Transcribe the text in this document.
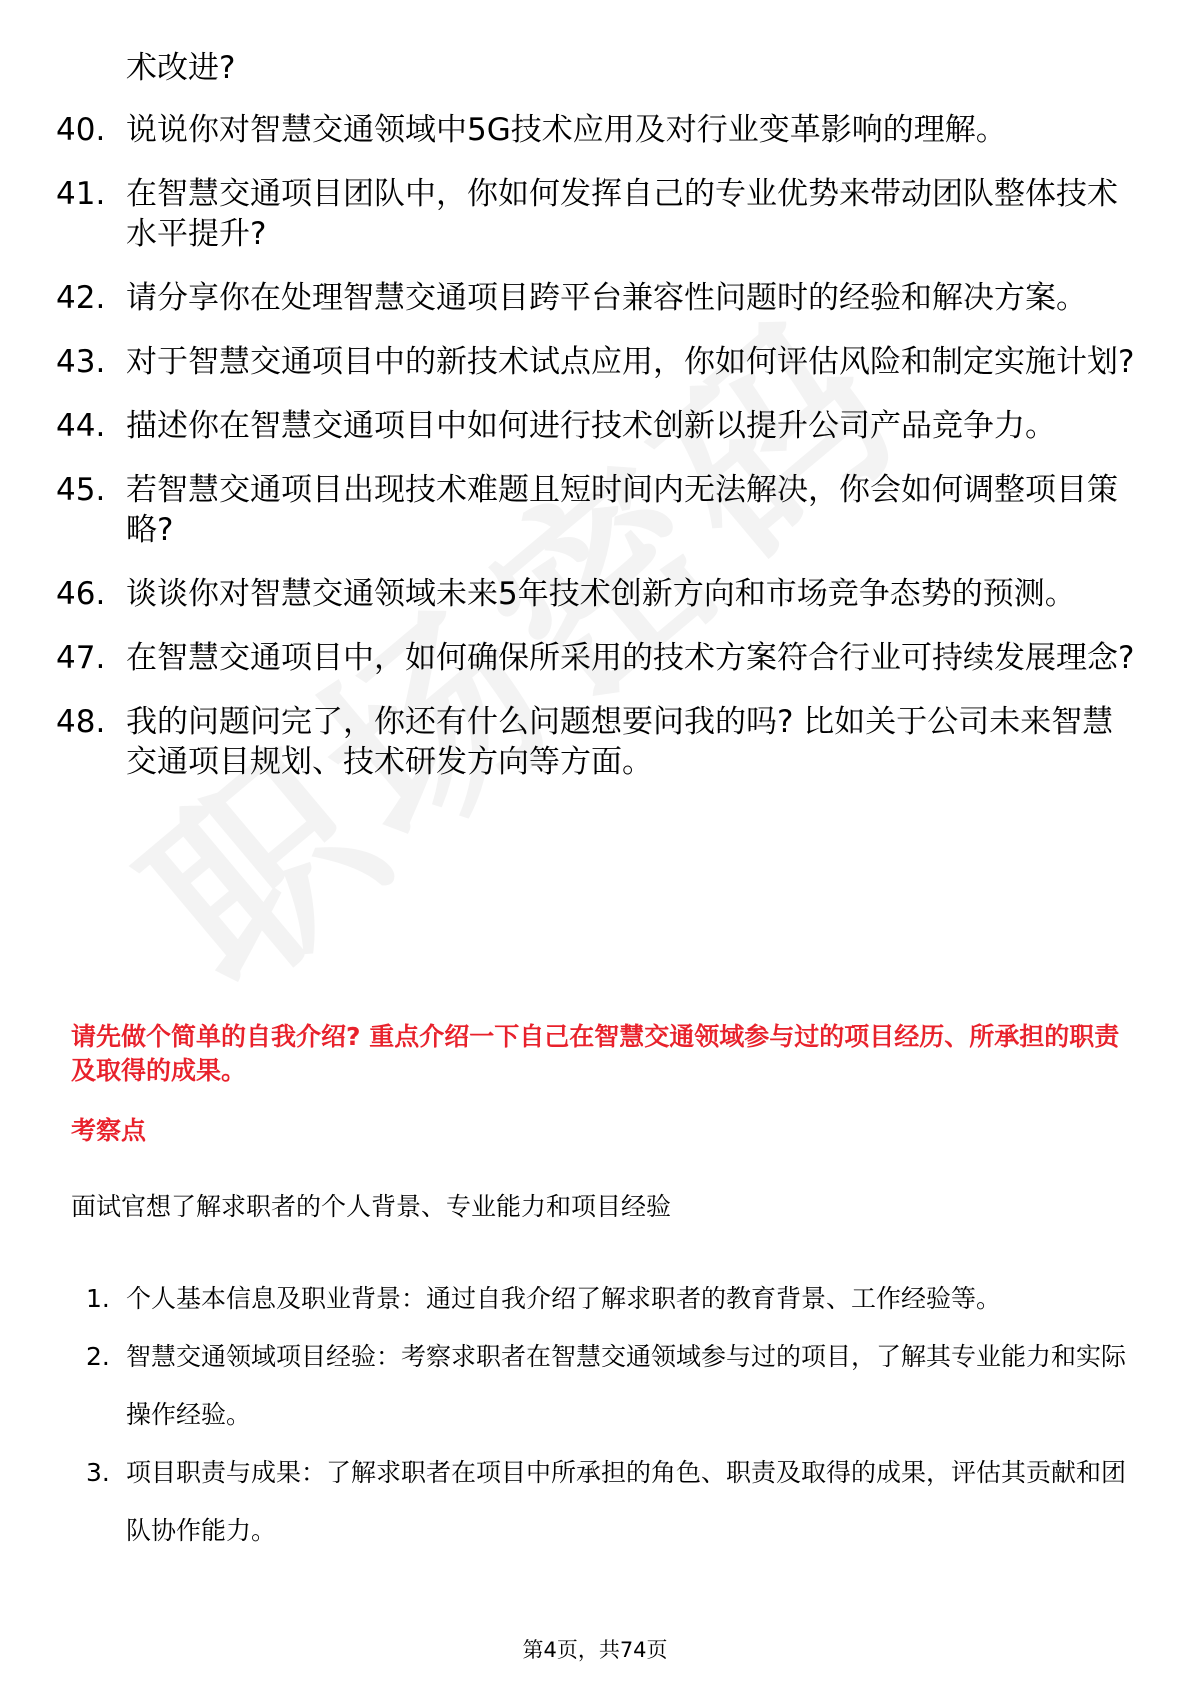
术改进?
40. 说说你对智慧交通领域中5G技术应用及对行业变革影响的理解。
41. 在智慧交通项目团队中，你如何发挥自己的专业优势来带动团队整体技术水平提升?
42. 请分享你在处理智慧交通项目跨平台兼容性问题时的经验和解决方案。
43. 对于智慧交通项目中的新技术试点应用，你如何评估风险和制定实施计划?
44. 描述你在智慧交通项目中如何进行技术创新以提升公司产品竞争力。
45. 若智慧交通项目出现技术难题且短时间内无法解决，你会如何调整项目策略?
46. 谈谈你对智慧交通领域未来5年技术创新方向和市场竞争态势的预测。
47. 在智慧交通项目中，如何确保所采用的技术方案符合行业可持续发展理念?
48. 我的问题问完了，你还有什么问题想要问我的吗? 比如关于公司未来智慧交通项目规划、技术研发方向等方面。

请先做个简单的自我介绍? 重点介绍一下自己在智慧交通领域参与过的项目经历、所承担的职责及取得的成果。

考察点

面试官想了解求职者的个人背景、专业能力和项目经验

1. 个人基本信息及职业背景：通过自我介绍了解求职者的教育背景、工作经验等。
2. 智慧交通领域项目经验：考察求职者在智慧交通领域参与过的项目，了解其专业能力和实际操作经验。
3. 项目职责与成果：了解求职者在项目中所承担的角色、职责及取得的成果，评估其贡献和团队协作能力。
第4页，共74页
